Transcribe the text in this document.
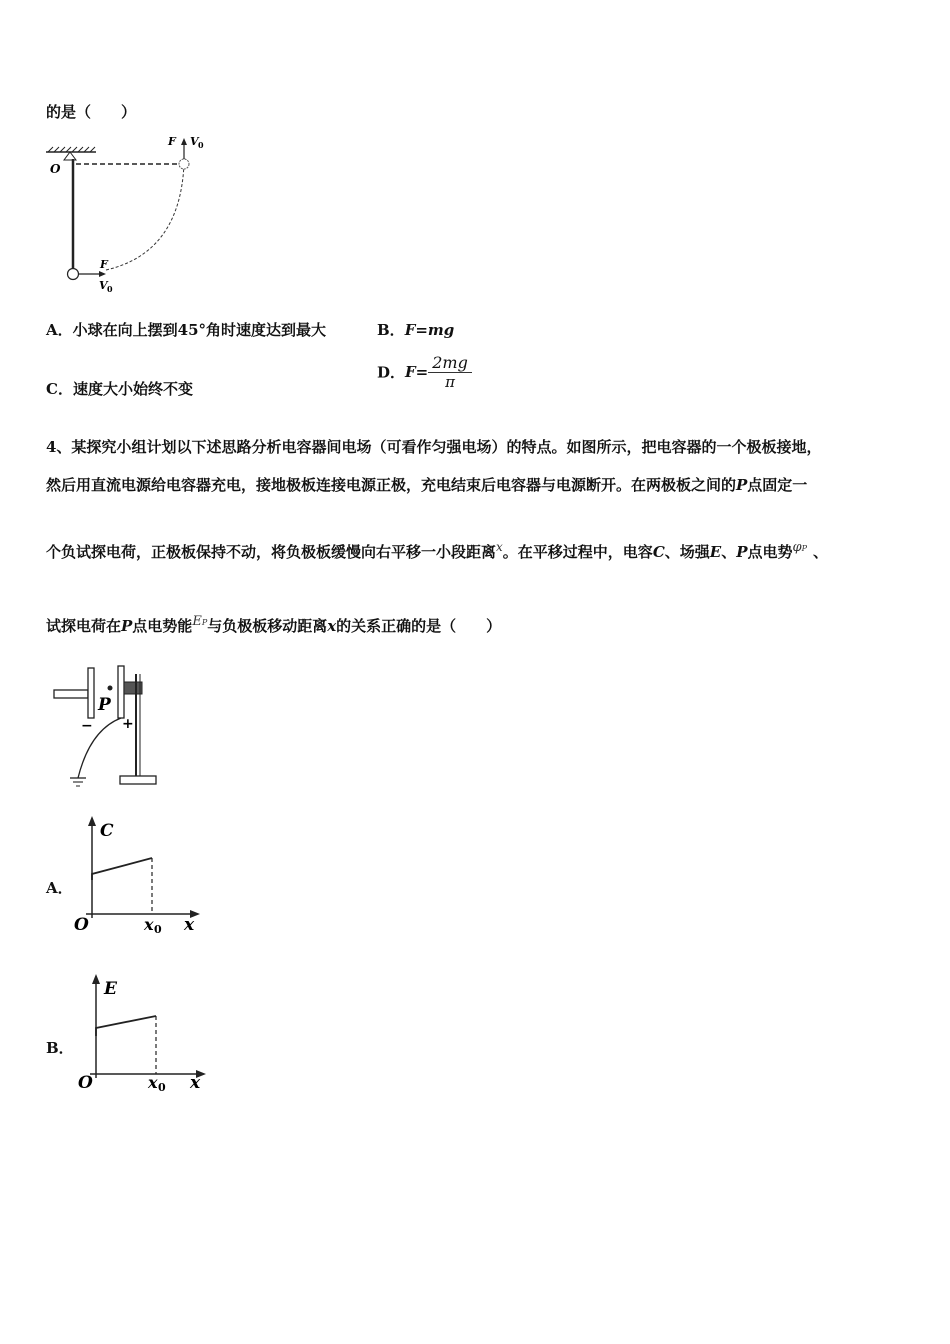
的是（　　）
O
F V 0
F
V 0
A．小球在向上摆到45°角时速度达到最大	B．F=mg
C．速度大小始终不变
D．$F= \frac{2mg}{\pi}$
4、某探究小组计划以下述思路分析电容器间电场（可看作匀强电场）的特点。如图所示，把电容器的一个极板接地，
然后用直流电源给电容器充电，接地极板连接电源正极，充电结束后电容器与电源断开。在两极板之间的P点固定一
个负试探电荷，正极板保持不动，将负极板缓慢向右平移一小段距离$^x$。在平移过程中，电容C、场强E、P点电势$^{\varphi P}$ 、
试探电荷在P点电势能$^{EP}$与负极板移动距离x的关系正确的是（　　）
P
− +
A．
C
x
O	x 0
B．
E
x
O	x 0
